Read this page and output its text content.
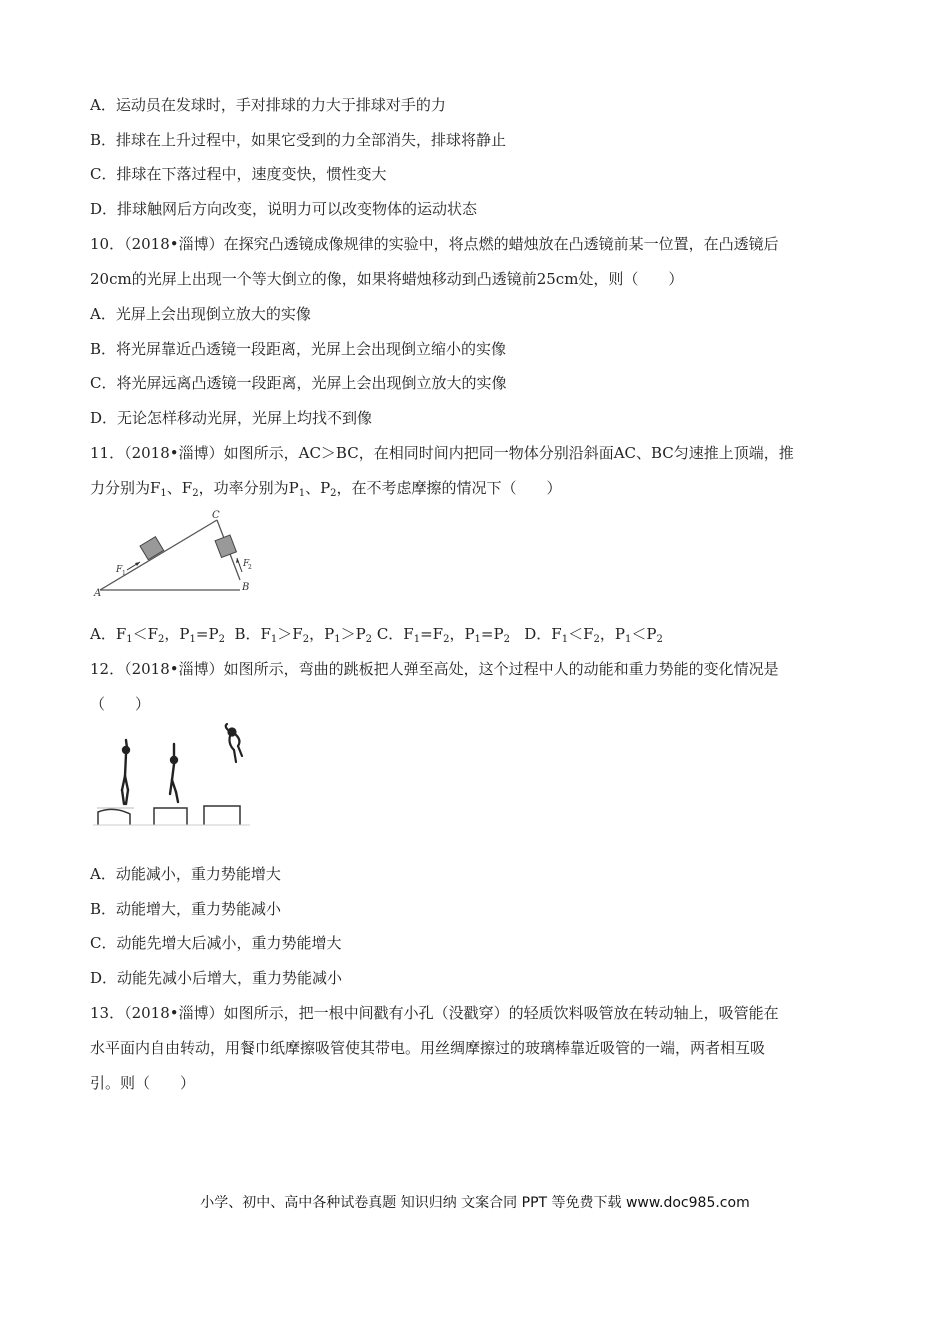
A．运动员在发球时，手对排球的力大于排球对手的力
B．排球在上升过程中，如果它受到的力全部消失，排球将静止
C．排球在下落过程中，速度变快，惯性变大
D．排球触网后方向改变，说明力可以改变物体的运动状态
10．（2018•淄博）在探究凸透镜成像规律的实验中，将点燃的蜡烛放在凸透镜前某一位置，在凸透镜后
20cm的光屏上出现一个等大倒立的像，如果将蜡烛移动到凸透镜前25cm处，则（　　）
A．光屏上会出现倒立放大的实像
B．将光屏靠近凸透镜一段距离，光屏上会出现倒立缩小的实像
C．将光屏远离凸透镜一段距离，光屏上会出现倒立放大的实像
D．无论怎样移动光屏，光屏上均找不到像
11．（2018•淄博）如图所示，AC＞BC，在相同时间内把同一物体分别沿斜面AC、BC匀速推上顶端，推
力分别为$F_1$、$F_2$，功率分别为$P_1$、$P_2$，在不考虑摩擦的情况下（　　）
A
B
C
F 1
F
2
A．$F_1<F_2$，$P_1=P_2$ B．$F_1>F_2$，$P_1>P_2$ C．$F_1=F_2$，$P_1=P_2$ D．$F_1<F_2$，$P_1<P_2$
12．（2018•淄博）如图所示，弯曲的跳板把人弹至高处，这个过程中人的动能和重力势能的变化情况是
（　　）
A．动能减小，重力势能增大
B．动能增大，重力势能减小
C．动能先增大后减小，重力势能增大
D．动能先减小后增大，重力势能减小
13．（2018•淄博）如图所示，把一根中间戳有小孔（没戳穿）的轻质饮料吸管放在转动轴上，吸管能在
水平面内自由转动，用餐巾纸摩擦吸管使其带电。用丝绸摩擦过的玻璃棒靠近吸管的一端，两者相互吸
引。则（　　）
小学、初中、高中各种试卷真题 知识归纳 文案合同 PPT 等免费下载 www.doc985.com
